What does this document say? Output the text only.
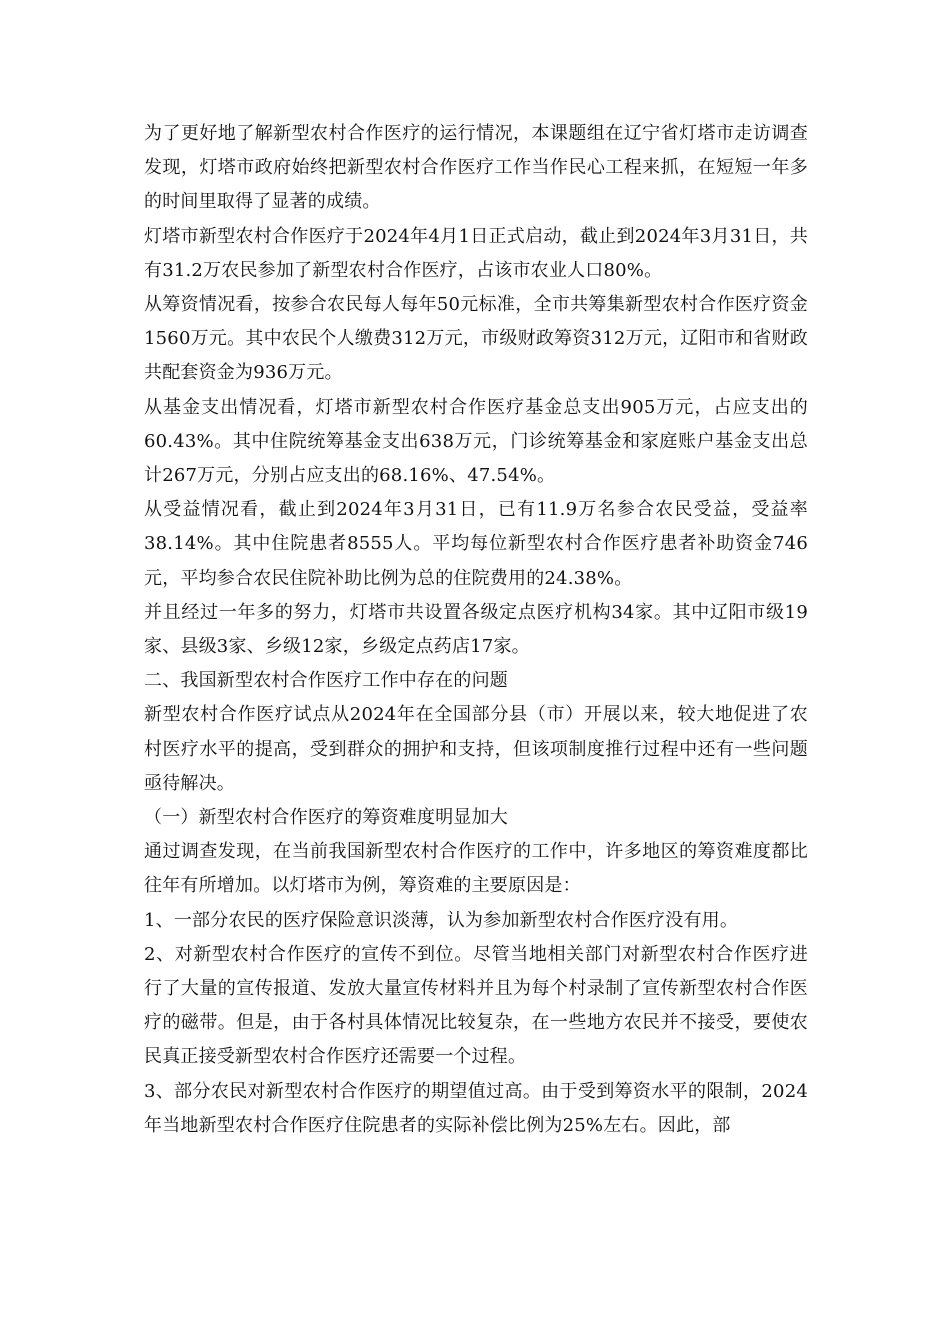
为了更好地了解新型农村合作医疗的运行情况，本课题组在辽宁省灯塔市走访调查发现，灯塔市政府始终把新型农村合作医疗工作当作民心工程来抓，在短短一年多的时间里取得了显著的成绩。

灯塔市新型农村合作医疗于2024年4月1日正式启动，截止到2024年3月31日，共有31.2万农民参加了新型农村合作医疗，占该市农业人口80%。

从筹资情况看，按参合农民每人每年50元标准，全市共筹集新型农村合作医疗资金1560万元。其中农民个人缴费312万元，市级财政筹资312万元，辽阳市和省财政共配套资金为936万元。

从基金支出情况看，灯塔市新型农村合作医疗基金总支出905万元，占应支出的60.43%。其中住院统筹基金支出638万元，门诊统筹基金和家庭账户基金支出总计267万元，分别占应支出的68.16%、47.54%。

从受益情况看，截止到2024年3月31日，已有11.9万名参合农民受益，受益率38.14%。其中住院患者8555人。平均每位新型农村合作医疗患者补助资金746元，平均参合农民住院补助比例为总的住院费用的24.38%。

并且经过一年多的努力，灯塔市共设置各级定点医疗机构34家。其中辽阳市级19家、县级3家、乡级12家，乡级定点药店17家。

二、我国新型农村合作医疗工作中存在的问题

新型农村合作医疗试点从2024年在全国部分县（市）开展以来，较大地促进了农村医疗水平的提高，受到群众的拥护和支持，但该项制度推行过程中还有一些问题亟待解决。

（一）新型农村合作医疗的筹资难度明显加大

通过调查发现，在当前我国新型农村合作医疗的工作中，许多地区的筹资难度都比往年有所增加。以灯塔市为例，筹资难的主要原因是：

1、一部分农民的医疗保险意识淡薄，认为参加新型农村合作医疗没有用。

2、对新型农村合作医疗的宣传不到位。尽管当地相关部门对新型农村合作医疗进行了大量的宣传报道、发放大量宣传材料并且为每个村录制了宣传新型农村合作医疗的磁带。但是，由于各村具体情况比较复杂，在一些地方农民并不接受，要使农民真正接受新型农村合作医疗还需要一个过程。

3、部分农民对新型农村合作医疗的期望值过高。由于受到筹资水平的限制，2024年当地新型农村合作医疗住院患者的实际补偿比例为25%左右。因此，部
